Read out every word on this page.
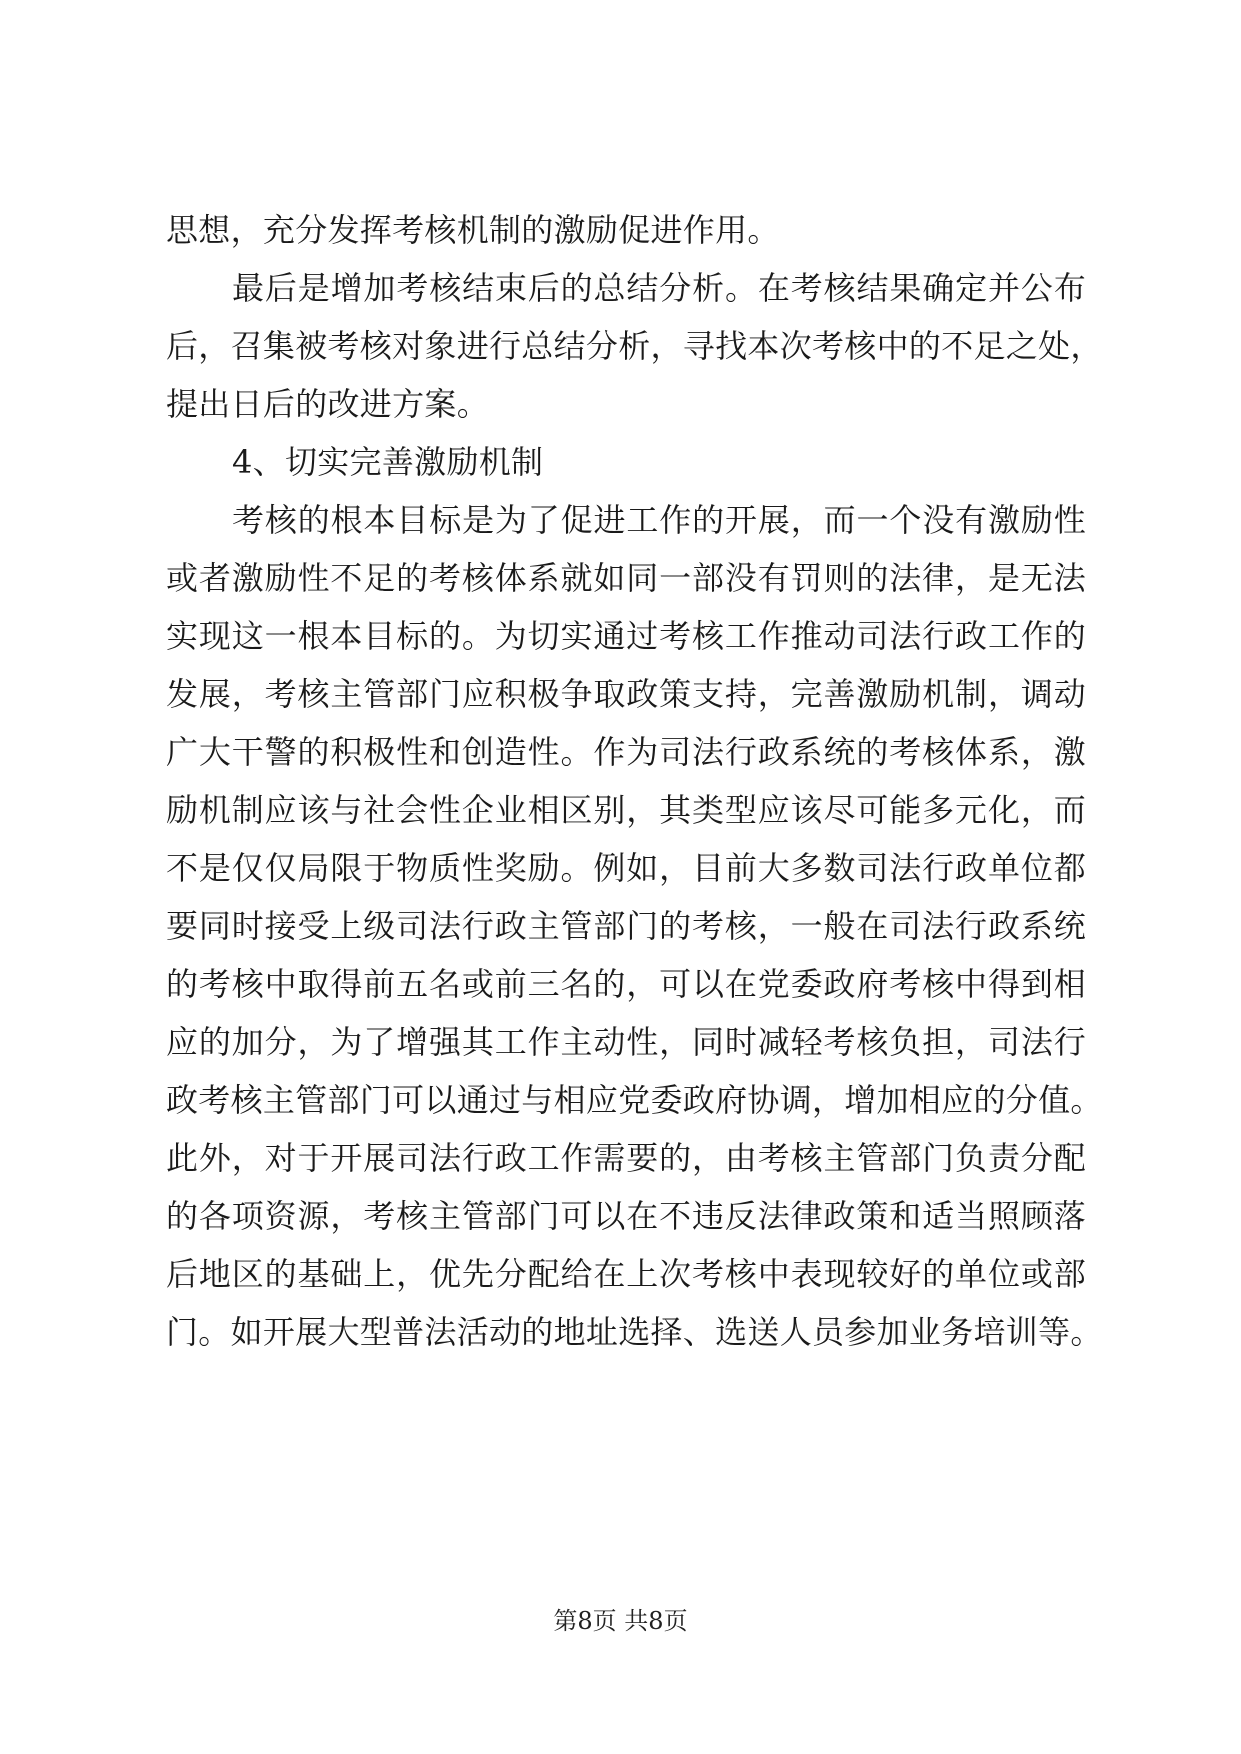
思想，充分发挥考核机制的激励促进作用。
最后是增加考核结束后的总结分析。在考核结果确定并公布
后，召集被考核对象进行总结分析，寻找本次考核中的不足之处，
提出日后的改进方案。
4、切实完善激励机制
考核的根本目标是为了促进工作的开展，而一个没有激励性
或者激励性不足的考核体系就如同一部没有罚则的法律，是无法
实现这一根本目标的。为切实通过考核工作推动司法行政工作的
发展，考核主管部门应积极争取政策支持，完善激励机制，调动
广大干警的积极性和创造性。作为司法行政系统的考核体系，激
励机制应该与社会性企业相区别，其类型应该尽可能多元化，而
不是仅仅局限于物质性奖励。例如，目前大多数司法行政单位都
要同时接受上级司法行政主管部门的考核，一般在司法行政系统
的考核中取得前五名或前三名的，可以在党委政府考核中得到相
应的加分，为了增强其工作主动性，同时减轻考核负担，司法行
政考核主管部门可以通过与相应党委政府协调，增加相应的分值。
此外，对于开展司法行政工作需要的，由考核主管部门负责分配
的各项资源，考核主管部门可以在不违反法律政策和适当照顾落
后地区的基础上，优先分配给在上次考核中表现较好的单位或部
门。如开展大型普法活动的地址选择、选送人员参加业务培训等。
第8页 共8页
